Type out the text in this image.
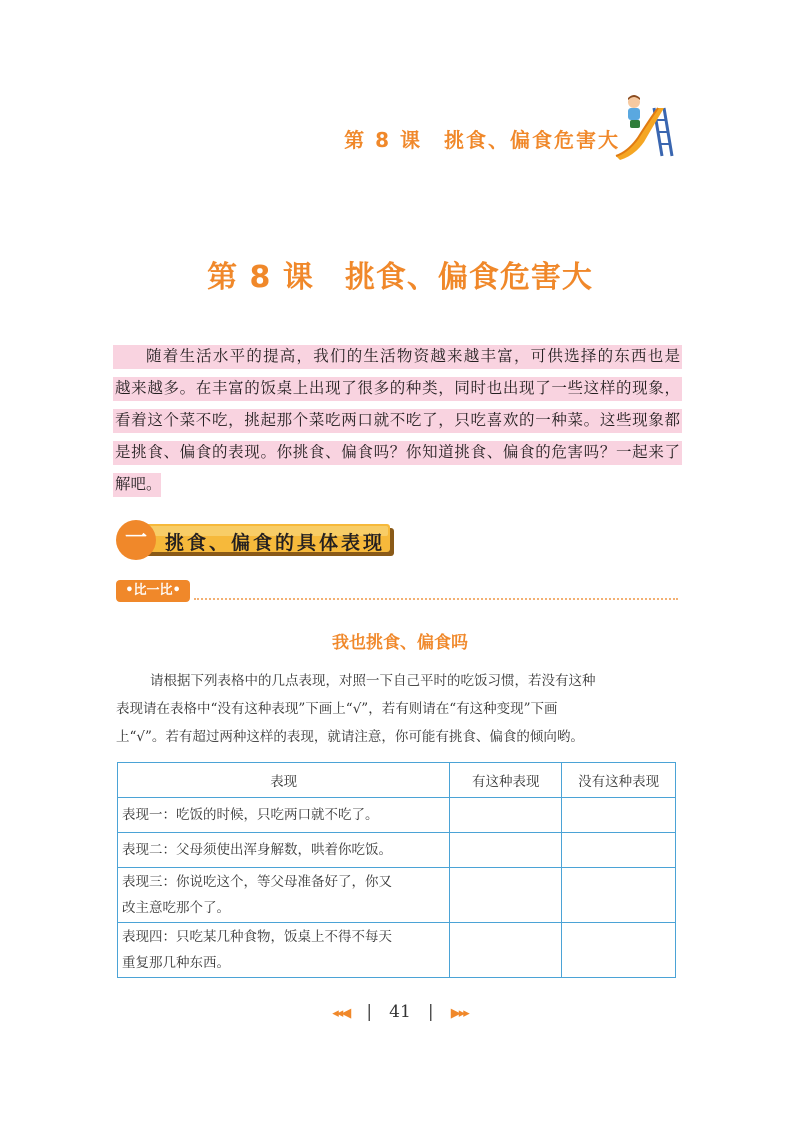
第 8 课　挑食、偏食危害大
第 8 课　挑食、偏食危害大
随着生活水平的提高，我们的生活物资越来越丰富，可供选择的东西也是
越来越多。在丰富的饭桌上出现了很多的种类，同时也出现了一些这样的现象，
看着这个菜不吃，挑起那个菜吃两口就不吃了，只吃喜欢的一种菜。这些现象都
是挑食、偏食的表现。你挑食、偏食吗？你知道挑食、偏食的危害吗？一起来了
解吧。
一 挑食、偏食的具体表现
•比一比•
我也挑食、偏食吗
请根据下列表格中的几点表现，对照一下自己平时的吃饭习惯，若没有这种
表现请在表格中“没有这种表现”下画上“√”，若有则请在“有这种变现”下画
上“√”。若有超过两种这样的表现，就请注意，你可能有挑食、偏食的倾向哟。
表现	有这种表现	没有这种表现
表现一：吃饭的时候，只吃两口就不吃了。		
表现二：父母须使出浑身解数，哄着你吃饭。		
表现三：你说吃这个，等父母准备好了，你又
改主意吃那个了。		
表现四：只吃某几种食物，饭桌上不得不每天
重复那几种东西。		
◂◂◀ | 41 | ▶▸▸
